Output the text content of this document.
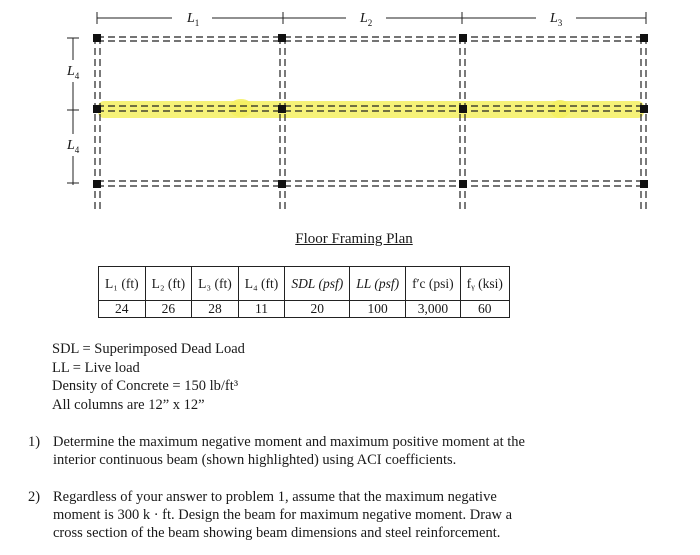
$L_1$	$L_2$	$L_3$
$L_4$
$L_4$
Floor Framing Plan
L₁ (ft)	L₂ (ft)	L₃ (ft)	L₄ (ft)	SDL (psf)	LL (psf)	f′c (psi)	fᵧ (ksi)
24	26	28	11	20	100	3,000	60
SDL = Superimposed Dead Load
LL = Live load
Density of Concrete = 150 lb/ft³
All columns are 12” x 12”
1) Determine the maximum negative moment and maximum positive moment at the
interior continuous beam (shown highlighted) using ACI coefficients.
2) Regardless of your answer to problem 1, assume that the maximum negative
moment is 300 k · ft. Design the beam for maximum negative moment. Draw a
cross section of the beam showing beam dimensions and steel reinforcement.
